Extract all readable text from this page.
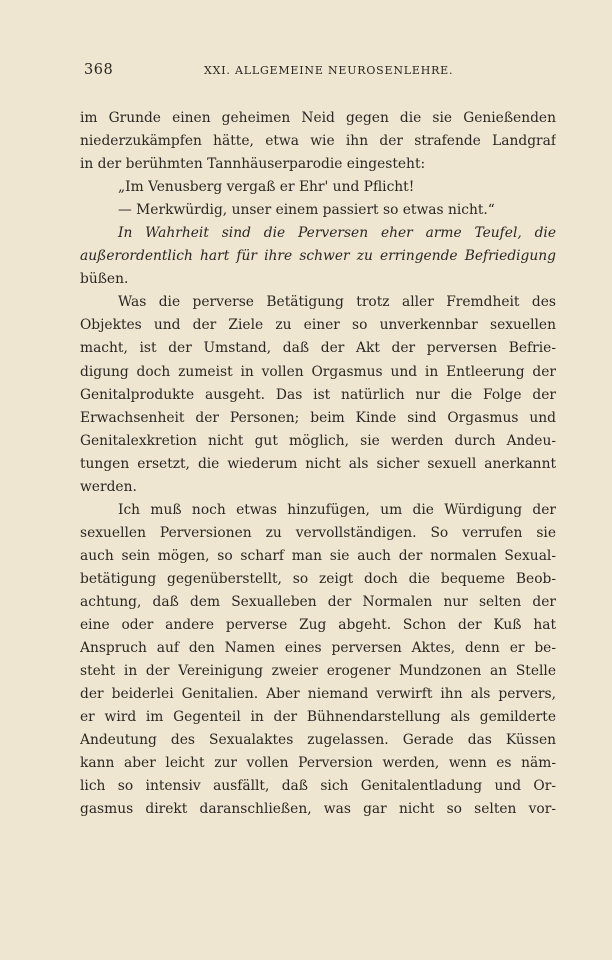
368	XXI. ALLGEMEINE NEUROSENLEHRE.
im Grunde einen geheimen Neid gegen die sie Genießenden
niederzukämpfen hätte, etwa wie ihn der strafende Landgraf
in der berühmten Tannhäuserparodie eingesteht:
„Im Venusberg vergaß er Ehr' und Pflicht!
— Merkwürdig, unser einem passiert so etwas nicht.“
In Wahrheit sind die Perversen eher arme Teufel, die
außerordentlich hart für ihre schwer zu erringende Befriedigung
büßen.
Was die perverse Betätigung trotz aller Fremdheit des
Objektes und der Ziele zu einer so unverkennbar sexuellen
macht, ist der Umstand, daß der Akt der perversen Befrie-
digung doch zumeist in vollen Orgasmus und in Entleerung der
Genitalprodukte ausgeht. Das ist natürlich nur die Folge der
Erwachsenheit der Personen; beim Kinde sind Orgasmus und
Genitalexkretion nicht gut möglich, sie werden durch Andeu-
tungen ersetzt, die wiederum nicht als sicher sexuell anerkannt
werden.
Ich muß noch etwas hinzufügen, um die Würdigung der
sexuellen Perversionen zu vervollständigen. So verrufen sie
auch sein mögen, so scharf man sie auch der normalen Sexual-
betätigung gegenüberstellt, so zeigt doch die bequeme Beob-
achtung, daß dem Sexualleben der Normalen nur selten der
eine oder andere perverse Zug abgeht. Schon der Kuß hat
Anspruch auf den Namen eines perversen Aktes, denn er be-
steht in der Vereinigung zweier erogener Mundzonen an Stelle
der beiderlei Genitalien. Aber niemand verwirft ihn als pervers,
er wird im Gegenteil in der Bühnendarstellung als gemilderte
Andeutung des Sexualaktes zugelassen. Gerade das Küssen
kann aber leicht zur vollen Perversion werden, wenn es näm-
lich so intensiv ausfällt, daß sich Genitalentladung und Or-
gasmus direkt daranschließen, was gar nicht so selten vor-
